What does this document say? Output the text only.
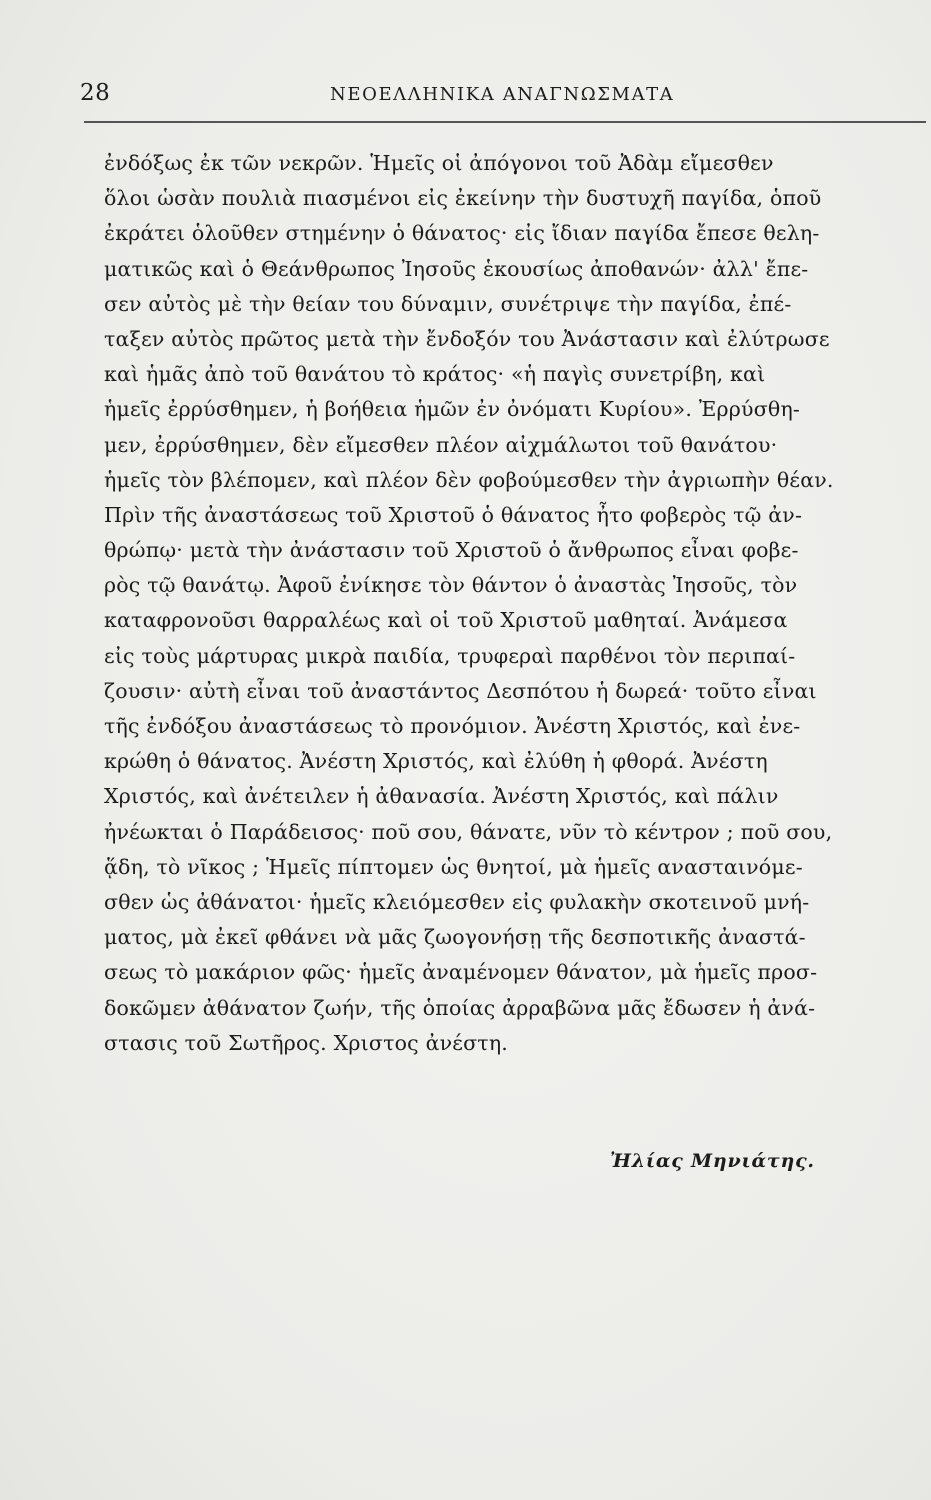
28	ΝΕΟΕΛΛΗΝΙΚΑ ΑΝΑΓΝΩΣΜΑΤΑ
ἐνδόξως ἐκ τῶν νεκρῶν. Ἡμεῖς οἱ ἀπόγονοι τοῦ Ἀδὰμ εἴμεσθεν
ὅλοι ὡσὰν πουλιὰ πιασμένοι εἰς ἐκείνην τὴν δυστυχῆ παγίδα, ὁποῦ
ἐκράτει ὁλοῦθεν στημένην ὁ θάνατος· εἰς ἴδιαν παγίδα ἔπεσε θελη-
ματικῶς καὶ ὁ Θεάνθρωπος Ἰησοῦς ἑκουσίως ἀποθανών· ἀλλ' ἔπε-
σεν αὐτὸς μὲ τὴν θείαν του δύναμιν, συνέτριψε τὴν παγίδα, ἐπέ-
ταξεν αὐτὸς πρῶτος μετὰ τὴν ἔνδοξόν του Ἀνάστασιν καὶ ἐλύτρωσε
καὶ ἡμᾶς ἀπὸ τοῦ θανάτου τὸ κράτος· «ἡ παγὶς συνετρίβη, καὶ
ἡμεῖς ἐρρύσθημεν, ἡ βοήθεια ἡμῶν ἐν ὀνόματι Κυρίου». Ἐρρύσθη-
μεν, ἐρρύσθημεν, δὲν εἴμεσθεν πλέον αἰχμάλωτοι τοῦ θανάτου·
ἡμεῖς τὸν βλέπομεν, καὶ πλέον δὲν φοβούμεσθεν τὴν ἀγριωπὴν θέαν.
Πρὶν τῆς ἀναστάσεως τοῦ Χριστοῦ ὁ θάνατος ἦτο φοβερὸς τῷ ἀν-
θρώπῳ· μετὰ τὴν ἀνάστασιν τοῦ Χριστοῦ ὁ ἄνθρωπος εἶναι φοβε-
ρὸς τῷ θανάτῳ. Ἀφοῦ ἐνίκησε τὸν θάντον ὁ ἀναστὰς Ἰησοῦς, τὸν
καταφρονοῦσι θαρραλέως καὶ οἱ τοῦ Χριστοῦ μαθηταί. Ἀνάμεσα
εἰς τοὺς μάρτυρας μικρὰ παιδία, τρυφεραὶ παρθένοι τὸν περιπαί-
ζουσιν· αὐτὴ εἶναι τοῦ ἀναστάντος Δεσπότου ἡ δωρεά· τοῦτο εἶναι
τῆς ἐνδόξου ἀναστάσεως τὸ προνόμιον. Ἀνέστη Χριστός, καὶ ἐνε-
κρώθη ὁ θάνατος. Ἀνέστη Χριστός, καὶ ἐλύθη ἡ φθορά. Ἀνέστη
Χριστός, καὶ ἀνέτειλεν ἡ ἀθανασία. Ἀνέστη Χριστός, καὶ πάλιν
ἠνέωκται ὁ Παράδεισος· ποῦ σου, θάνατε, νῦν τὸ κέντρον ; ποῦ σου,
ᾅδη, τὸ νῖκος ; Ἡμεῖς πίπτομεν ὡς θνητοί, μὰ ἡμεῖς ανασταινόμε-
σθεν ὡς ἀθάνατοι· ἡμεῖς κλειόμεσθεν εἰς φυλακὴν σκοτεινοῦ μνή-
ματος, μὰ ἐκεῖ φθάνει νὰ μᾶς ζωογονήσῃ τῆς δεσποτικῆς ἀναστά-
σεως τὸ μακάριον φῶς· ἡμεῖς ἀναμένομεν θάνατον, μὰ ἡμεῖς προσ-
δοκῶμεν ἀθάνατον ζωήν, τῆς ὁποίας ἀρραβῶνα μᾶς ἔδωσεν ἡ ἀνά-
στασις τοῦ Σωτῆρος. Χριστος ἀνέστη.
Ἠλίας Μηνιάτης.
